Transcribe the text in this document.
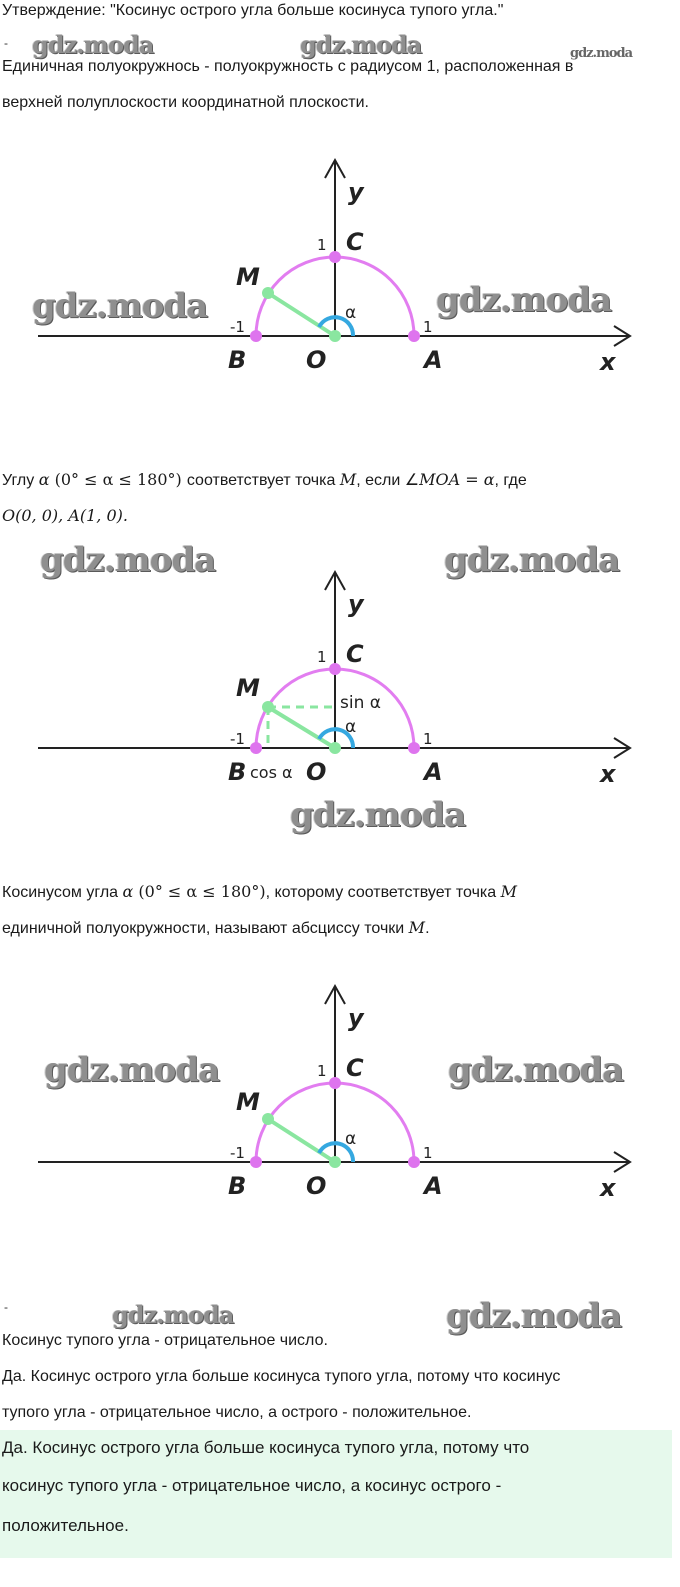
Утверждение: "Косинус острого угла больше косинуса тупого угла."
- gdz.moda	gdz.moda	gdz.moda
Единичная полуокружнось - полуокружность с радиусом 1, расположенная в
верхней полуплоскости координатной плоскости.
y
x
C
M
B O	A
1
-1	1
α
gdz.moda	gdz.moda
Углу α (0° ≤ α ≤ 180°) соответствует точка M, если ∠MOA = α, где
O(0, 0), A(1, 0).
gdz.moda	gdz.moda
y
x
C
M
B O	A
1
-1	1
α
sin α
cos α
gdz.moda
Косинусом угла α (0° ≤ α ≤ 180°), которому соответствует точка M
единичной полуокружности, называют абсциссу точки M.
y
x
C
M
B O	A
1
-1	1
α
gdz.moda	gdz.moda
-	gdz.moda	gdz.moda
Косинус тупого угла - отрицательное число.
Да. Косинус острого угла больше косинуса тупого угла, потому что косинус
тупого угла - отрицательное число, а острого - положительное.
Да. Косинус острого угла больше косинуса тупого угла, потому что
косинус тупого угла - отрицательное число, а косинус острого -
положительное.
